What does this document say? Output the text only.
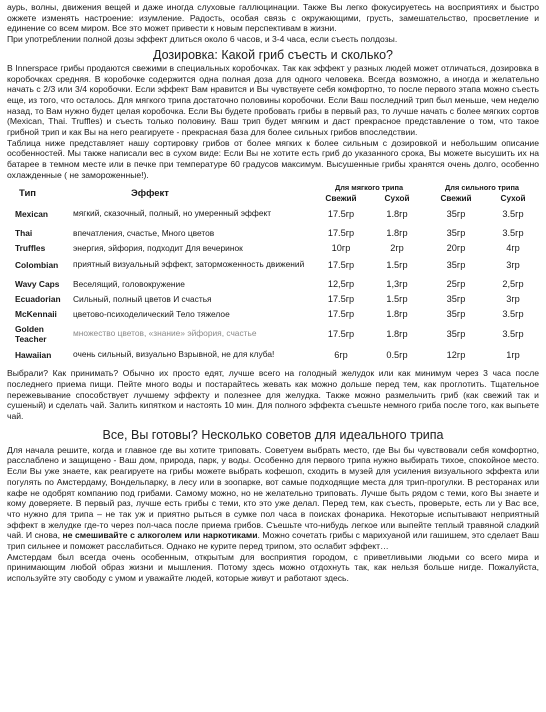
аурь, волны, движения вещей и даже иногда слуховые галлюцинации. Также Вы легко фокусируетесь на восприятиях и быстро ожжете изменять настроение: изумление. Радость, особая связь с окружающими, грусть, замешательство, просветление и единение со всем миром. Все это может привести к новым перспективам в жизни.

При употреблении полной дозы эффект длиться около 6 часов, и 3-4 часа, если съесть полдозы.

Дозировка: Какой гриб съесть и сколько?

В Innerspace грибы продаются свежими в специальных коробочках. Так как эффект у разных людей может отличаться, дозировка в коробочках средняя. В коробочке содержится одна полная доза для одного человека. Всегда возможно, а иногда и желательно начать с 2/3 или 3/4 коробочки. Если эффект Вам нравится и Вы чувствуете себя комфортно, то после первого этапа можно съесть еще, из того, что осталось. Для мягкого трипа достаточно половины коробочки. Если Ваш последний трип был меньше, чем неделю назад, то Вам нужно будет целая коробочка. Если Вы будете пробовать грибы в первый раз, то лучше начать с более мягких сортов (Mexican, Thai. Truffles) и съесть только половину. Ваш трип будет мягким и даст прекрасное представление о том, что такое грибной трип и как Вы на него реагируете - прекрасная база для более сильных грибов впоследствии.

Таблица ниже представляет нашу сортировку грибов от более мягких к более сильным с дозировкой и небольшим описание особенностей. Мы также написали вес в сухом виде: Если Вы не хотите есть гриб до указанного срока, Вы можете высушить их на батарее в темном месте или в печке при температуре 60 градусов максимум. Высушенные грибы хранятся очень долго, особенно охлажденные ( не замороженные!).

Тип	Эффект	Для мягкого трипа		Для сильного трипа	
		Свежий	Сухой	Свежий	Сухой
Mexican	мягкий, сказочный, полный, но умеренный эффект	17.5гр	1.8гр	35гр	3.5гр
Thai	впечатления, счастье, Много цветов	17.5гр	1.8гр	35гр	3.5гр
Truffles	энергия, эйфория, подходит Для вечеринок	10гр	2гр	20гр	4гр
Colombian	приятный визуальный эффект, заторможенность движений	17.5гр	1.5гр	35гр	3гр
Wavy Caps	Веселящий, головокружение	12,5гр	1,3гр	25гр	2,5гр
Ecuadorian	Сильный, полный цветов И счастья	17.5гр	1.5гр	35гр	3гр
McKennaii	цветово-психоделический Тело тяжелое	17.5гр	1.8гр	35гр	3.5гр
Golden Teacher	множество цветов, «знание» эйфория, счастье	17.5гр	1.8гр	35гр	3.5гр
Hawaiian	очень сильный, визуально Взрывной, не для клуба!	6гр	0.5гр	12гр	1гр

Выбрали? Как принимать? Обычно их просто едят, лучше всего на голодный желудок или как минимум через 3 часа после последнего приема пищи. Пейте много воды и постарайтесь жевать как можно дольше перед тем, как проглотить. Тщательное пережевывание способствует лучшему эффекту и полезнее для желудка. Также можно размельчить гриб (как свежий так и сушеный) и сделать чай. Залить кипятком и настоять 10 мин. Для полного эффекта съешьте немного гриба после того, как выпьете чай.

Все, Вы готовы? Несколько советов для идеального трипа

Для начала решите, когда и главное где вы хотите триповать. Советуем выбрать место, где Вы бы чувствовали себя комфортно, расслаблено и защищено - Ваш дом, природа, парк, у воды. Особенно для первого трипа нужно выбирать тихое, спокойное место. Если Вы уже знаете, как реагируете на грибы можете выбрать кофешоп, сходить в музей для усиления визуального эффекта или погулять по Амстердаму, Вондельпарку, в лесу или в зоопарке, вот самые подходящие места для трип-прогулки. В ресторанах или кафе не одобрят компанию под грибами. Самому можно, но не желательно триповать. Лучше быть рядом с теми, кого Вы знаете и кому доверяете. В первый раз, лучше есть грибы с теми, кто это уже делал. Перед тем, как съесть, проверьте, есть ли у Вас все, что нужно для трипа – не так уж и приятно рыться в сумке пол часа в поисках фонарика. Некоторые испытывают неприятный эффект в желудке где-то через пол-часа после приема грибов. Съешьте что-нибудь легкое или выпейте теплый травяной сладкий чай. И снова, не смешивайте с алкоголем или наркотиками. Можно сочетать грибы с марихуаной или гашишем, это сделает Ваш трип сильнее и поможет расслабиться. Однако не курите перед трипом, это ослабит эффект…

Амстердам был всегда очень особенным, открытым для восприятия городом, с приветливыми людьми со всего мира и принимающим любой образ жизни и мышления. Потому здесь можно отдохнуть так, как нельзя больше нигде. Пожалуйста, используйте эту свободу с умом и уважайте людей, которые живут и работают здесь.
